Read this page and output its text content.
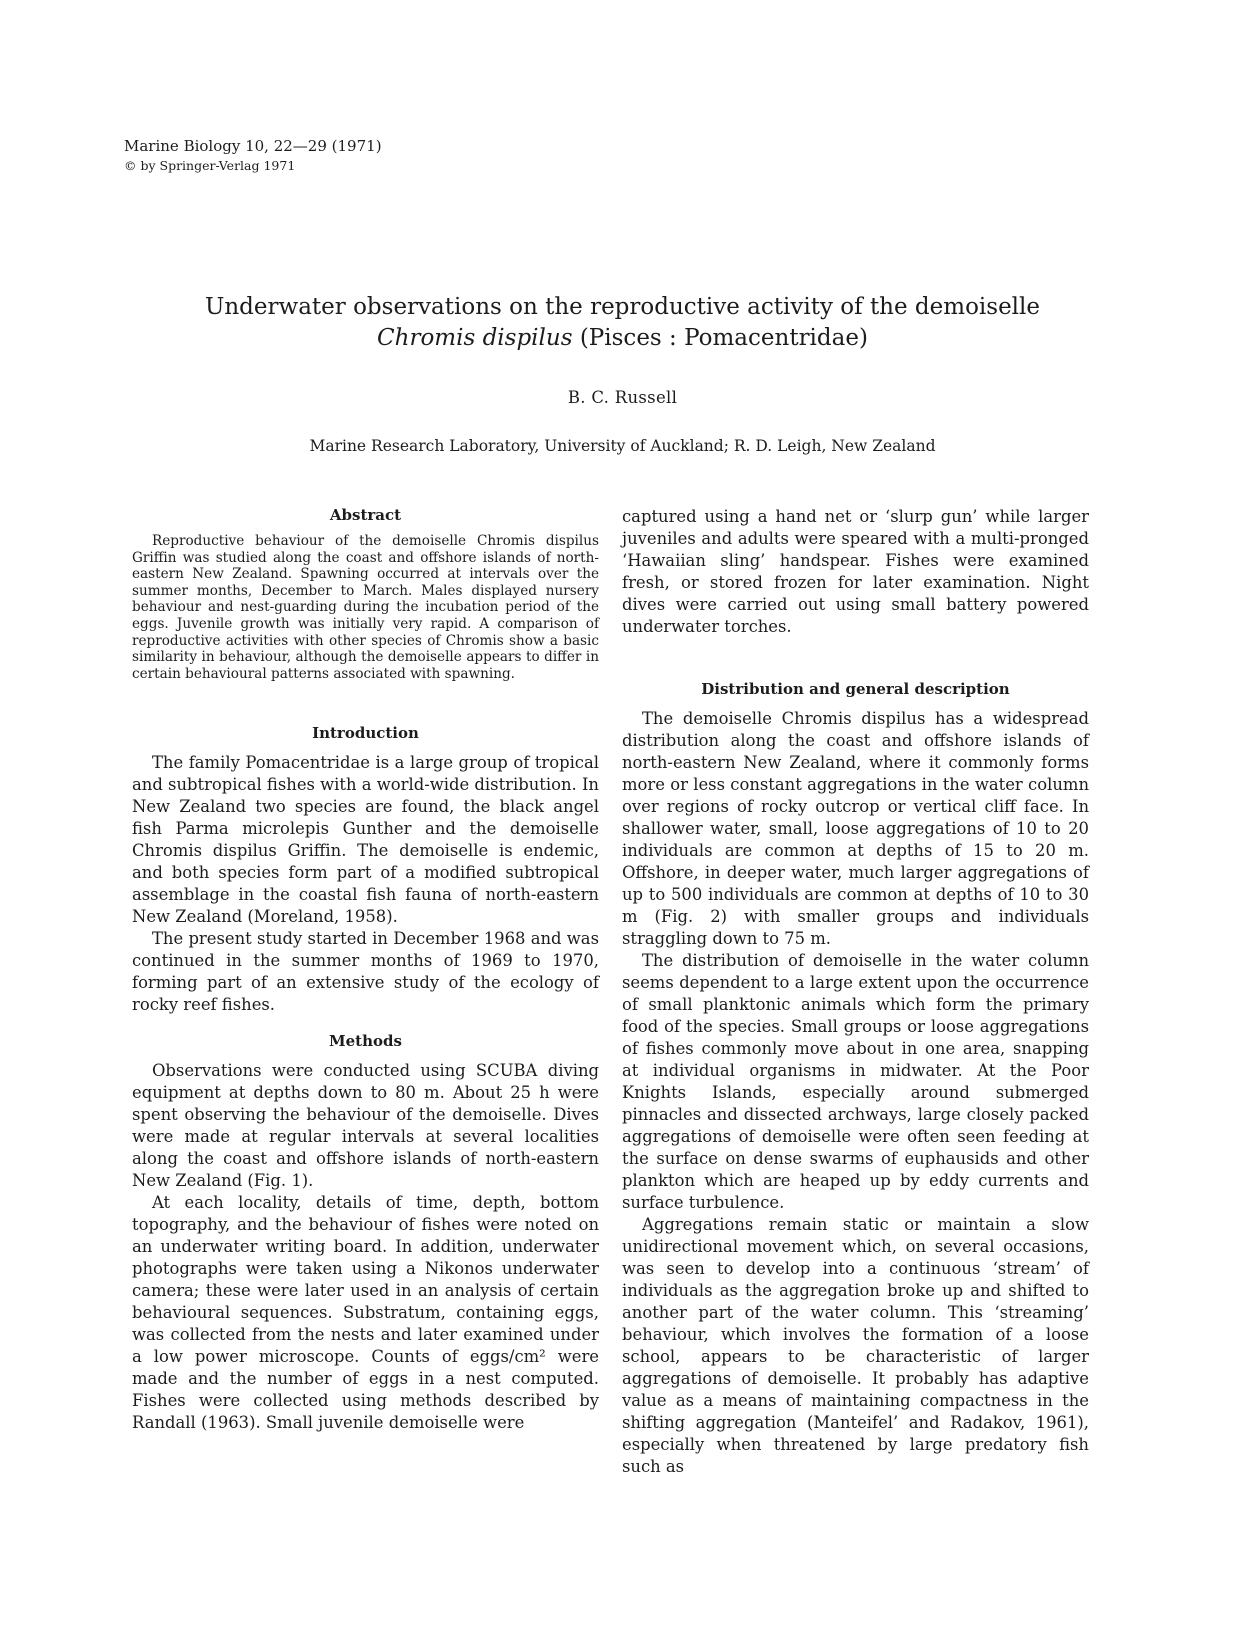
Marine Biology 10, 22—29 (1971)
© by Springer-Verlag 1971
Underwater observations on the reproductive activity of the demoiselle
Chromis dispilus (Pisces : Pomacentridae)
B. C. Russell
Marine Research Laboratory, University of Auckland; R. D. Leigh, New Zealand
Abstract

Reproductive behaviour of the demoiselle Chromis dispilus Griffin was studied along the coast and offshore islands of north-eastern New Zealand. Spawning occurred at intervals over the summer months, December to March. Males displayed nursery behaviour and nest-guarding during the incubation period of the eggs. Juvenile growth was initially very rapid. A comparison of reproductive activities with other species of Chromis show a basic similarity in behaviour, although the demoiselle appears to differ in certain behavioural patterns associated with spawning.

Introduction

The family Pomacentridae is a large group of tropical and subtropical fishes with a world-wide distribution. In New Zealand two species are found, the black angel fish Parma microlepis Gunther and the demoiselle Chromis dispilus Griffin. The demoiselle is endemic, and both species form part of a modified subtropical assemblage in the coastal fish fauna of north-eastern New Zealand (Moreland, 1958).

The present study started in December 1968 and was continued in the summer months of 1969 to 1970, forming part of an extensive study of the ecology of rocky reef fishes.

Methods

Observations were conducted using SCUBA diving equipment at depths down to 80 m. About 25 h were spent observing the behaviour of the demoiselle. Dives were made at regular intervals at several localities along the coast and offshore islands of north-eastern New Zealand (Fig. 1).

At each locality, details of time, depth, bottom topography, and the behaviour of fishes were noted on an underwater writing board. In addition, underwater photographs were taken using a Nikonos underwater camera; these were later used in an analysis of certain behavioural sequences. Substratum, containing eggs, was collected from the nests and later examined under a low power microscope. Counts of eggs/cm² were made and the number of eggs in a nest computed. Fishes were collected using methods described by Randall (1963). Small juvenile demoiselle were

captured using a hand net or ‘slurp gun’ while larger juveniles and adults were speared with a multi-pronged ‘Hawaiian sling’ handspear. Fishes were examined fresh, or stored frozen for later examination. Night dives were carried out using small battery powered underwater torches.

Distribution and general description

The demoiselle Chromis dispilus has a widespread distribution along the coast and offshore islands of north-eastern New Zealand, where it commonly forms more or less constant aggregations in the water column over regions of rocky outcrop or vertical cliff face. In shallower water, small, loose aggregations of 10 to 20 individuals are common at depths of 15 to 20 m. Offshore, in deeper water, much larger aggregations of up to 500 individuals are common at depths of 10 to 30 m (Fig. 2) with smaller groups and individuals straggling down to 75 m.

The distribution of demoiselle in the water column seems dependent to a large extent upon the occurrence of small planktonic animals which form the primary food of the species. Small groups or loose aggregations of fishes commonly move about in one area, snapping at individual organisms in midwater. At the Poor Knights Islands, especially around submerged pinnacles and dissected archways, large closely packed aggregations of demoiselle were often seen feeding at the surface on dense swarms of euphausids and other plankton which are heaped up by eddy currents and surface turbulence.

Aggregations remain static or maintain a slow unidirectional movement which, on several occasions, was seen to develop into a continuous ‘stream’ of individuals as the aggregation broke up and shifted to another part of the water column. This ‘streaming’ behaviour, which involves the formation of a loose school, appears to be characteristic of larger aggregations of demoiselle. It probably has adaptive value as a means of maintaining compactness in the shifting aggregation (Manteifel’ and Radakov, 1961), especially when threatened by large predatory fish such as
